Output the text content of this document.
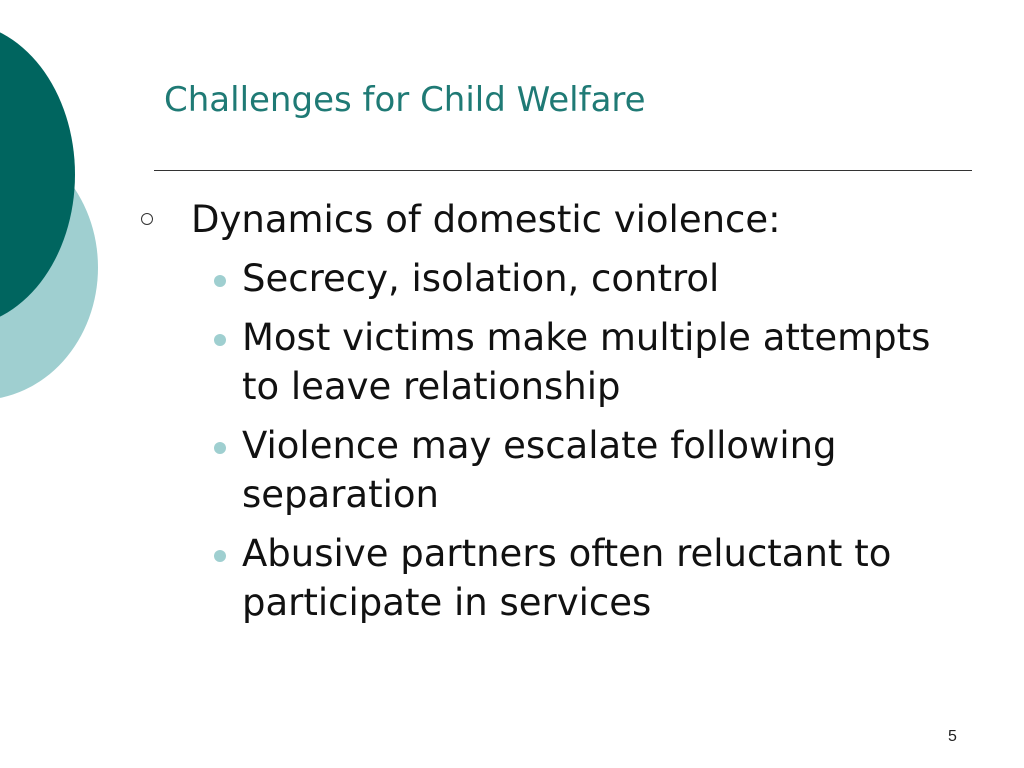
Challenges for Child Welfare
Dynamics of domestic violence:
Secrecy, isolation, control
Most victims make multiple attempts to leave relationship
Violence may escalate following separation
Abusive partners often reluctant to participate in services
5
